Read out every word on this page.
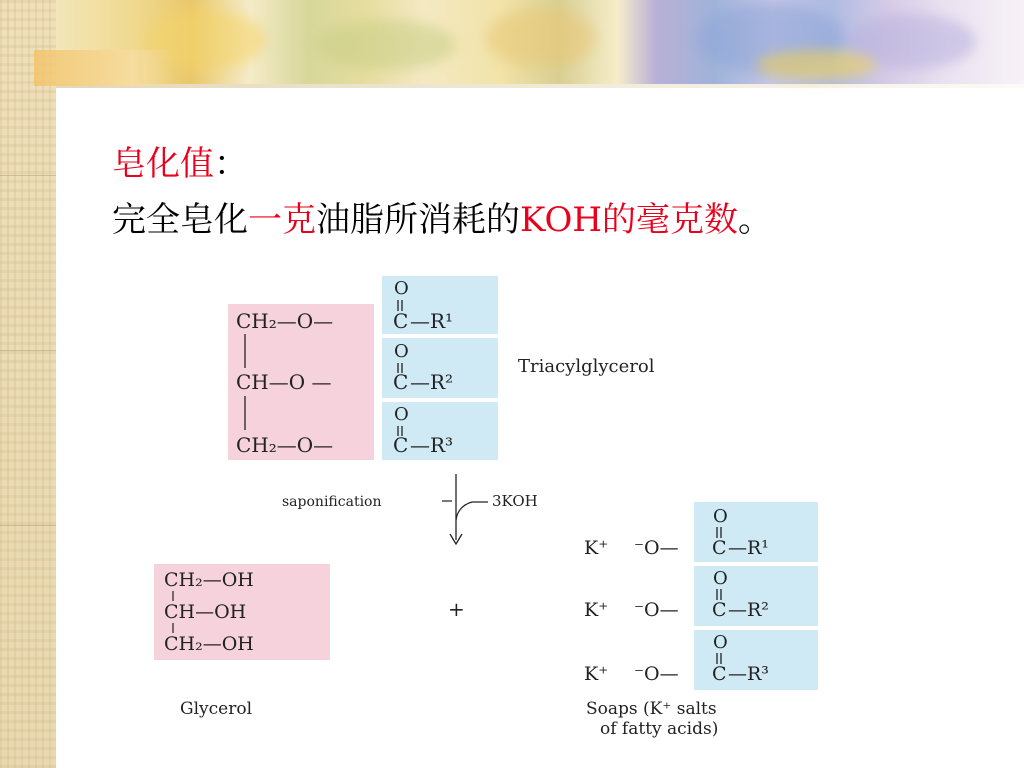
皂化值：
完全皂化一克油脂所消耗的KOH的毫克数。
CH₂—O—
O
C —R¹
CH—O —
O
C —R²
CH₂—O—
O
C —R³
Triacylglycerol
saponification	3KOH
CH₂—OH
CH—OH
CH₂—OH
Glycerol
+
K⁺ ⁻O—
O
C —R¹
K⁺ ⁻O—
O
C —R²
K⁺ ⁻O—
O
C —R³
Soaps (K⁺ salts
of fatty acids)
